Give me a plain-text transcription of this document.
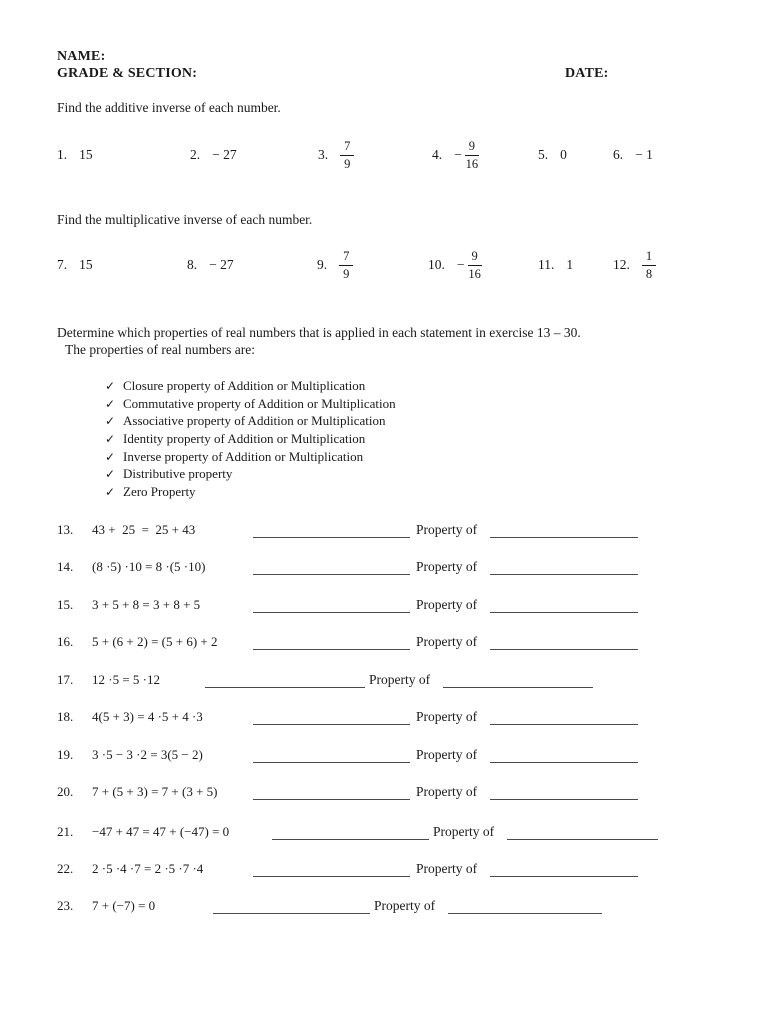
NAME:
GRADE & SECTION:	DATE:
Find the additive inverse of each number.
1. 15	2. − 27	3. $\frac{7}{9}$	4. − $\frac{9}{16}$	5. 0	6. − 1
Find the multiplicative inverse of each number.
7. 15	8. − 27	9. $\frac{7}{9}$	10. − $\frac{9}{16}$	11. 1	12. $\frac{1}{8}$
Determine which properties of real numbers that is applied in each statement in exercise 13 – 30.
The properties of real numbers are:
✓ Closure property of Addition or Multiplication
✓ Commutative property of Addition or Multiplication
✓ Associative property of Addition or Multiplication
✓ Identity property of Addition or Multiplication
✓ Inverse property of Addition or Multiplication
✓ Distributive property
✓ Zero Property
13. 43 +  25  =  25 + 43	Property of
14. (8 ·5) ·10 = 8 ·(5 ·10)	Property of
15. 3 + 5 + 8 = 3 + 8 + 5	Property of
16. 5 + (6 + 2) = (5 + 6) + 2	Property of
17. 12 ·5 = 5 ·12	Property of
18. 4(5 + 3) = 4 ·5 + 4 ·3	Property of
19. 3 ·5 − 3 ·2 = 3(5 − 2)	Property of
20. 7 + (5 + 3) = 7 + (3 + 5)	Property of
21. −47 + 47 = 47 + (−47) = 0	Property of
22. 2 ·5 ·4 ·7 = 2 ·5 ·7 ·4	Property of
23. 7 + (−7) = 0	Property of
